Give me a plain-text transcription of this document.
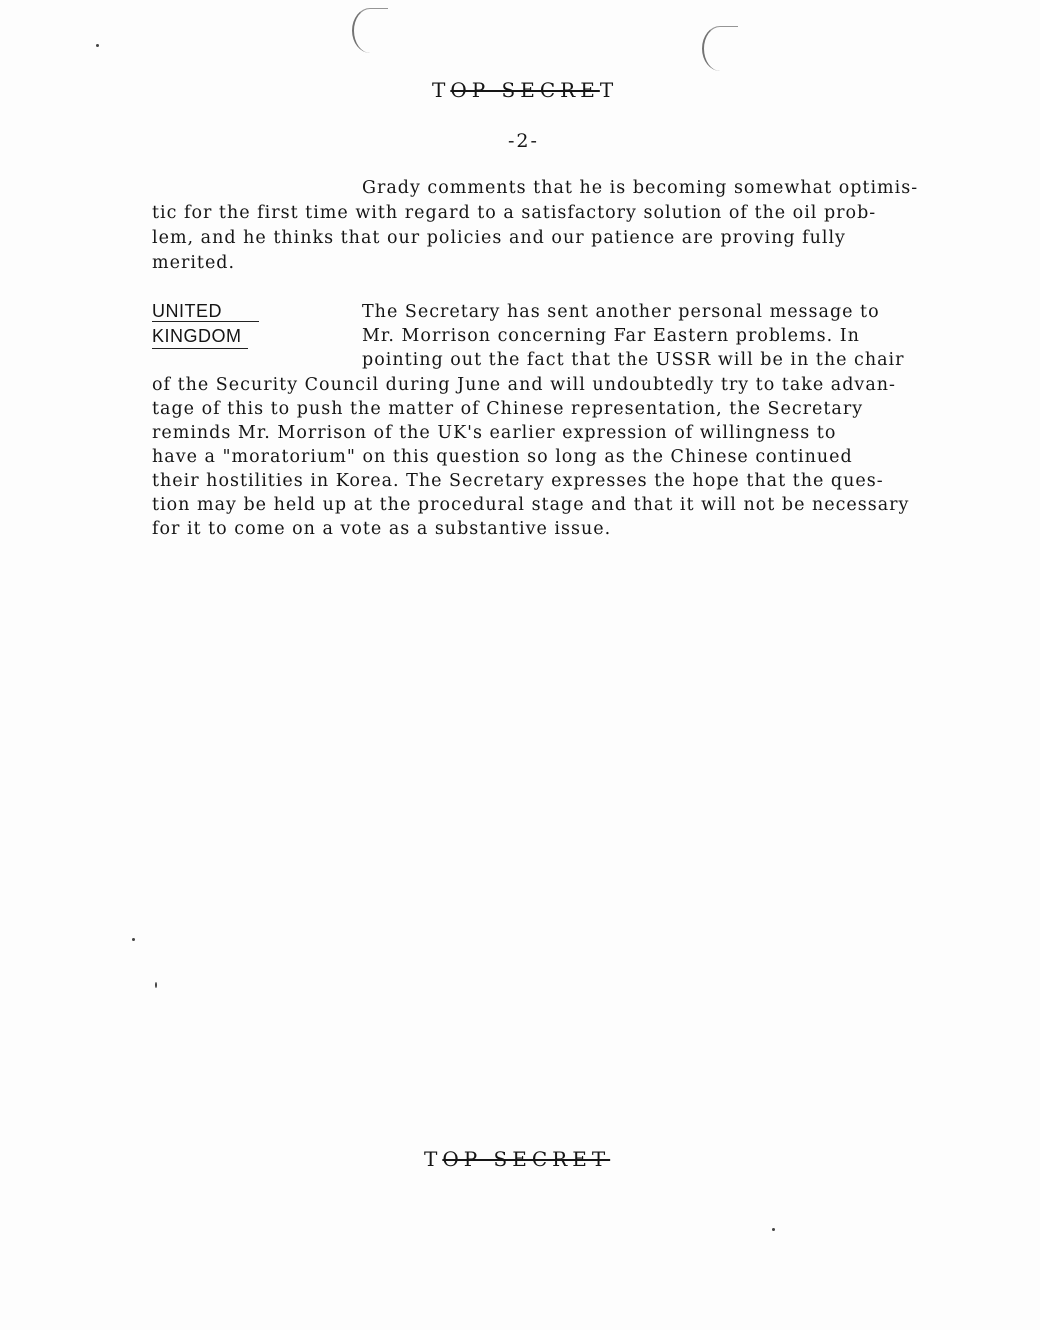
TOP SECRET
-2-
Grady comments that he is becoming somewhat optimis-
tic for the first time with regard to a satisfactory solution of the oil prob-
lem, and he thinks that our policies and our patience are proving fully
merited.
UNITED
KINGDOM
The Secretary has sent another personal message to
Mr. Morrison concerning Far Eastern problems. In
pointing out the fact that the USSR will be in the chair
of the Security Council during June and will undoubtedly try to take advan-
tage of this to push the matter of Chinese representation, the Secretary
reminds Mr. Morrison of the UK's earlier expression of willingness to
have a "moratorium" on this question so long as the Chinese continued
their hostilities in Korea. The Secretary expresses the hope that the ques-
tion may be held up at the procedural stage and that it will not be necessary
for it to come on a vote as a substantive issue.
TOP SECRET
